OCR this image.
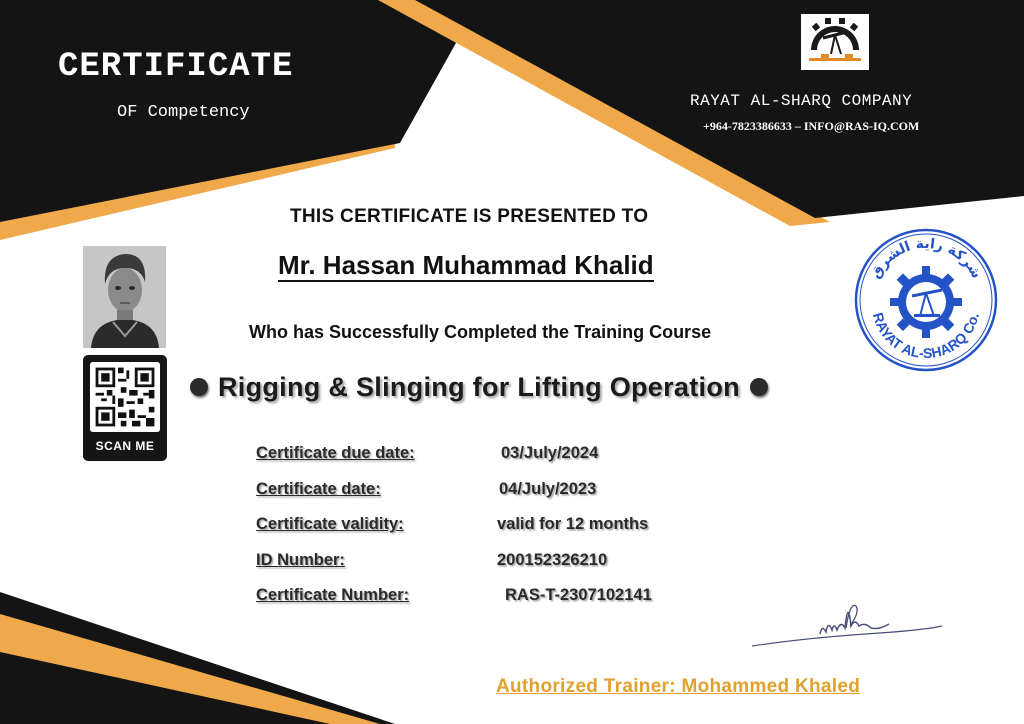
CERTIFICATE
OF Competency
RAYAT AL-SHARQ COMPANY
+964-7823386633 – INFO@RAS-IQ.COM
THIS CERTIFICATE IS PRESENTED TO
Mr. Hassan Muhammad Khalid
Who has Successfully Completed the Training Course
Rigging & Slinging for Lifting Operation
SCAN ME	Certificate due date:	03/July/2024
Certificate date:	04/July/2023
Certificate validity:	valid for 12 months
ID Number:	200152326210
Certificate Number:	RAS-T-2307102141
شركة راية الشرق
RAYAT AL-SHARQ Co.
Authorized Trainer: Mohammed Khaled
